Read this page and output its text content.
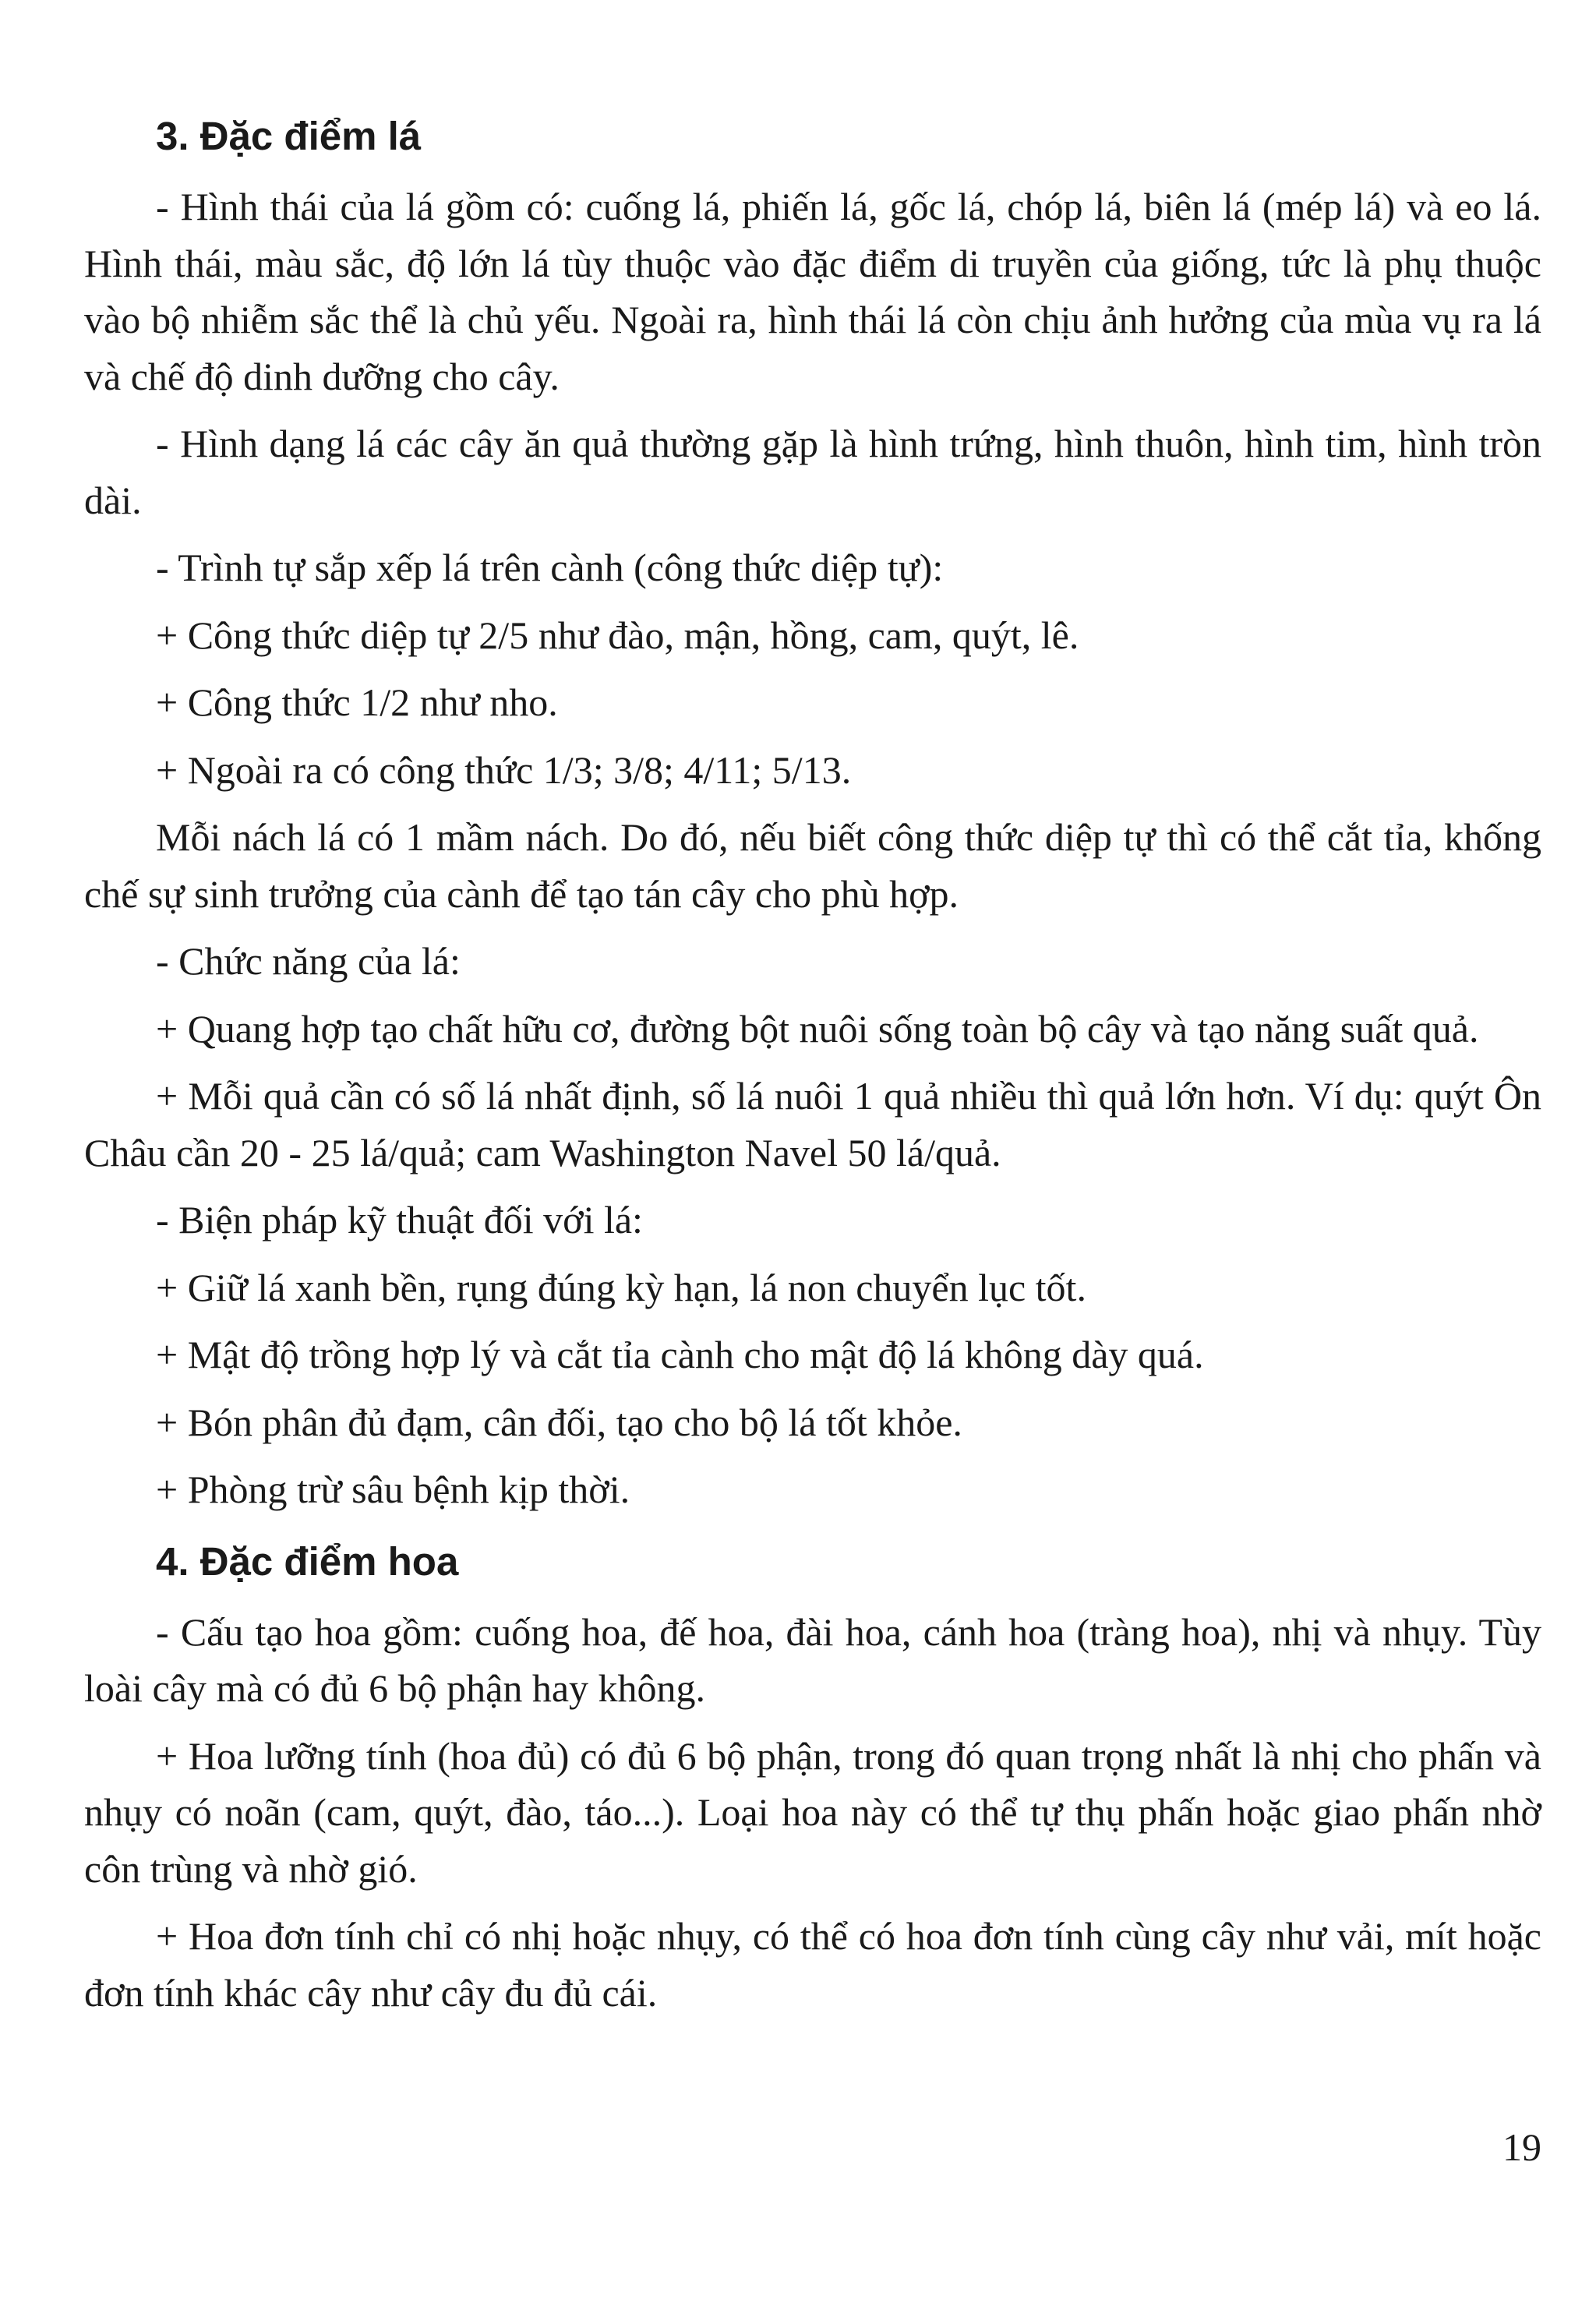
3. Đặc điểm lá

- Hình thái của lá gồm có: cuống lá, phiến lá, gốc lá, chóp lá, biên lá (mép lá) và eo lá. Hình thái, màu sắc, độ lớn lá tùy thuộc vào đặc điểm di truyền của giống, tức là phụ thuộc vào bộ nhiễm sắc thể là chủ yếu. Ngoài ra, hình thái lá còn chịu ảnh hưởng của mùa vụ ra lá và chế độ dinh dưỡng cho cây.

- Hình dạng lá các cây ăn quả thường gặp là hình trứng, hình thuôn, hình tim, hình tròn dài.

- Trình tự sắp xếp lá trên cành (công thức diệp tự):

+ Công thức diệp tự 2/5 như đào, mận, hồng, cam, quýt, lê.

+ Công thức 1/2 như nho.

+ Ngoài ra có công thức 1/3; 3/8; 4/11; 5/13.

Mỗi nách lá có 1 mầm nách. Do đó, nếu biết công thức diệp tự thì có thể cắt tỉa, khống chế sự sinh trưởng của cành để tạo tán cây cho phù hợp.

- Chức năng của lá:

+ Quang hợp tạo chất hữu cơ, đường bột nuôi sống toàn bộ cây và tạo năng suất quả.

+ Mỗi quả cần có số lá nhất định, số lá nuôi 1 quả nhiều thì quả lớn hơn. Ví dụ: quýt Ôn Châu cần 20 - 25 lá/quả; cam Washington Navel 50 lá/quả.

- Biện pháp kỹ thuật đối với lá:

+ Giữ lá xanh bền, rụng đúng kỳ hạn, lá non chuyển lục tốt.

+ Mật độ trồng hợp lý và cắt tỉa cành cho mật độ lá không dày quá.

+ Bón phân đủ đạm, cân đối, tạo cho bộ lá tốt khỏe.

+ Phòng trừ sâu bệnh kịp thời.

4. Đặc điểm hoa

- Cấu tạo hoa gồm: cuống hoa, đế hoa, đài hoa, cánh hoa (tràng hoa), nhị và nhụy. Tùy loài cây mà có đủ 6 bộ phận hay không.

+ Hoa lưỡng tính (hoa đủ) có đủ 6 bộ phận, trong đó quan trọng nhất là nhị cho phấn và nhụy có noãn (cam, quýt, đào, táo...). Loại hoa này có thể tự thụ phấn hoặc giao phấn nhờ côn trùng và nhờ gió.

+ Hoa đơn tính chỉ có nhị hoặc nhụy, có thể có hoa đơn tính cùng cây như vải, mít hoặc đơn tính khác cây như cây đu đủ cái.

19
